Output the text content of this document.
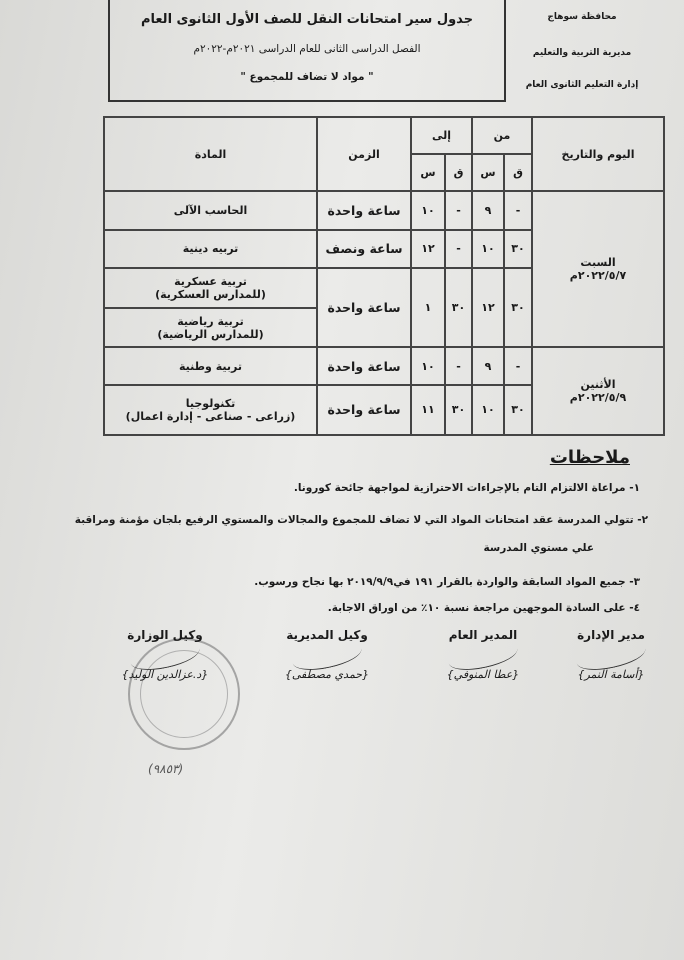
جدول سير امتحانات النقل للصف الأول الثانوى العام
الفصل الدراسى الثانى للعام الدراسى ٢٠٢١م-٢٠٢٢م
" مواد لا تضاف للمجموع "
محافظة سوهاج
مديرية التربية والتعليم
إدارة التعليم الثانوى العام
اليوم والتاريخ	من		إلى		الزمن	المادة
	ق	س	ق	س		

السبت
٢٠٢٢/٥/٧م	-	٩	-	١٠	ساعة واحدة	الحاسب الآلى
	٣٠	١٠	-	١٢	ساعة ونصف	تربيه دينية
	٣٠	١٢	٣٠	١	ساعة واحدة	تربية عسكرية
(للمدارس العسكرية)

						تربية رياضية
(للمدارس الرياضية)

الأثنين
٢٠٢٢/٥/٩م	-	٩	-	١٠	ساعة واحدة	تربية وطنية
	٣٠	١٠	٣٠	١١	ساعة واحدة	تكنولوجيا
(زراعى - صناعى - إدارة اعمال)
ملاحظات
١- مراعاة الالتزام التام بالإجراءات الاحترازية لمواجهة جائحة كورونا.
٢- تتولي المدرسة عقد امتحانات المواد التي لا تضاف للمجموع والمجالات والمستوي الرفيع بلجان مؤمنة ومراقبة
علي مستوي المدرسة
٣- جميع المواد السابقة والواردة بالقرار ١٩١ في٢٠١٩/٩/٩ بها نجاح ورسوب.
٤- على السادة الموجهين مراجعة نسبة ١٠٪ من اوراق الاجابة.
مدير الإدارة
{أسامة النمر}
المدير العام
{عطا المنوفي}
وكيل المديرية
{حمدي مصطفى}
وكيل الوزارة
{د.عزالدين الوليد}
(٩٨٥٣)
